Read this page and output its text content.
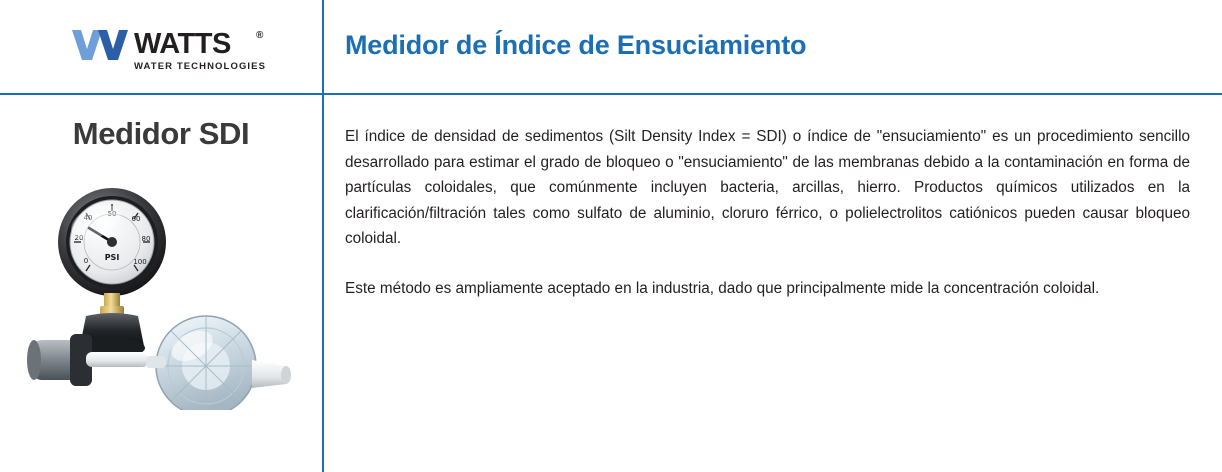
WATTS	®
WATER TECHNOLOGIES
Medidor de Índice de Ensuciamiento
Medidor SDI
40 50
60
20	80
0	100
PSI

El índice de densidad de sedimentos (Silt Density Index = SDI) o índice de "ensuciamiento" es un procedimiento sencillo desarrollado para estimar el grado de bloqueo o "ensuciamiento" de las membranas debido a la contaminación en forma de partículas coloidales, que comúnmente incluyen bacteria, arcillas, hierro. Productos químicos utilizados en la clarificación/filtración tales como sulfato de aluminio, cloruro férrico, o polielectrolitos catiónicos pueden causar bloqueo coloidal.

Este método es ampliamente aceptado en la industria, dado que principalmente mide la concentración coloidal.
